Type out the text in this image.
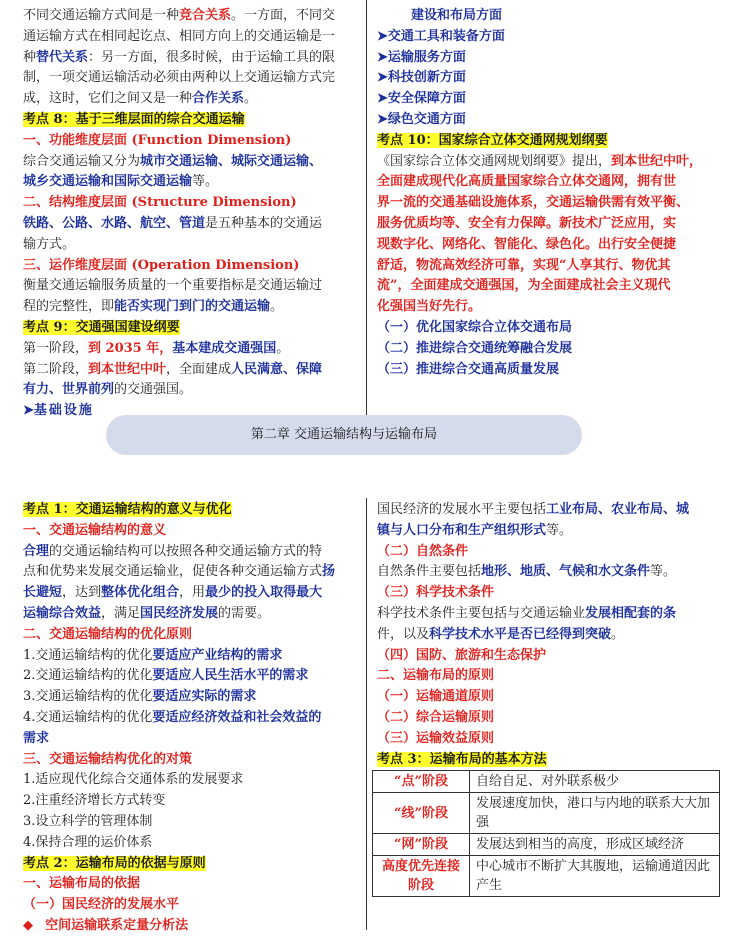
不同交通运输方式间是一种竞合关系。一方面，不同交
通运输方式在相同起讫点、相同方向上的交通运输是一
种替代关系：另一方面，很多时候，由于运输工具的限
制，一项交通运输活动必须由两种以上交通运输方式完
成，这时，它们之间又是一种合作关系。
考点 8：基于三维层面的综合交通运输
一、功能维度层面 (Function Dimension)
综合交通运输又分为城市交通运输、城际交通运输、
城乡交通运输和国际交通运输等。
二、结构维度层面 (Structure Dimension)
铁路、公路、水路、航空、管道是五种基本的交通运
输方式。
三、运作维度层面 (Operation Dimension)
衡量交通运输服务质量的一个重要指标是交通运输过
程的完整性，即能否实现门到门的交通运输。
考点 9：交通强国建设纲要
第一阶段，到 2035 年，基本建成交通强国。
第二阶段，到本世纪中叶，全面建成人民满意、保障
有力、世界前列的交通强国。
➤基础设施
建设和布局方面
➤交通工具和装备方面
➤运输服务方面
➤科技创新方面
➤安全保障方面
➤绿色交通方面
考点 10：国家综合立体交通网规划纲要
《国家综合立体交通网规划纲要》提出，到本世纪中叶，
全面建成现代化高质量国家综合立体交通网，拥有世
界一流的交通基础设施体系，交通运输供需有效平衡、
服务优质均等、安全有力保障。新技术广泛应用，实
现数字化、网络化、智能化、绿色化。出行安全便捷
舒适，物流高效经济可靠，实现“人享其行、物优其
流”，全面建成交通强国，为全面建成社会主义现代
化强国当好先行。
（一）优化国家综合立体交通布局
（二）推进综合交通统筹融合发展
（三）推进综合交通高质量发展
第二章 交通运输结构与运输布局
考点 1：交通运输结构的意义与优化
一、交通运输结构的意义
合理的交通运输结构可以按照各种交通运输方式的特
点和优势来发展交通运输业，促使各种交通运输方式扬
长避短，达到整体优化组合，用最少的投入取得最大
运输综合效益，满足国民经济发展的需要。
二、交通运输结构的优化原则
1.交通运输结构的优化要适应产业结构的需求
2.交通运输结构的优化要适应人民生活水平的需求
3.交通运输结构的优化要适应实际的需求
4.交通运输结构的优化要适应经济效益和社会效益的
需求
三、交通运输结构优化的对策
1.适应现代化综合交通体系的发展要求
2.注重经济增长方式转变
3.设立科学的管理体制
4.保持合理的运价体系
考点 2：运输布局的依据与原则
一、运输布局的依据
（一）国民经济的发展水平
◆ 空间运输联系定量分析法
国民经济的发展水平主要包括工业布局、农业布局、城
镇与人口分布和生产组织形式等。
（二）自然条件
自然条件主要包括地形、地质、气候和水文条件等。
（三）科学技术条件
科学技术条件主要包括与交通运输业发展相配套的条
件，以及科学技术水平是否已经得到突破。
（四）国防、旅游和生态保护
二、运输布局的原则
（一）运输通道原则
（二）综合运输原则
（三）运输效益原则
考点 3：运输布局的基本方法
“点”阶段	自给自足、对外联系极少
“线”阶段	发展速度加快，港口与内地的联系大大加强
“网”阶段	发展达到相当的高度，形成区域经济
高度优先连接阶段	中心城市不断扩大其腹地，运输通道因此产生
